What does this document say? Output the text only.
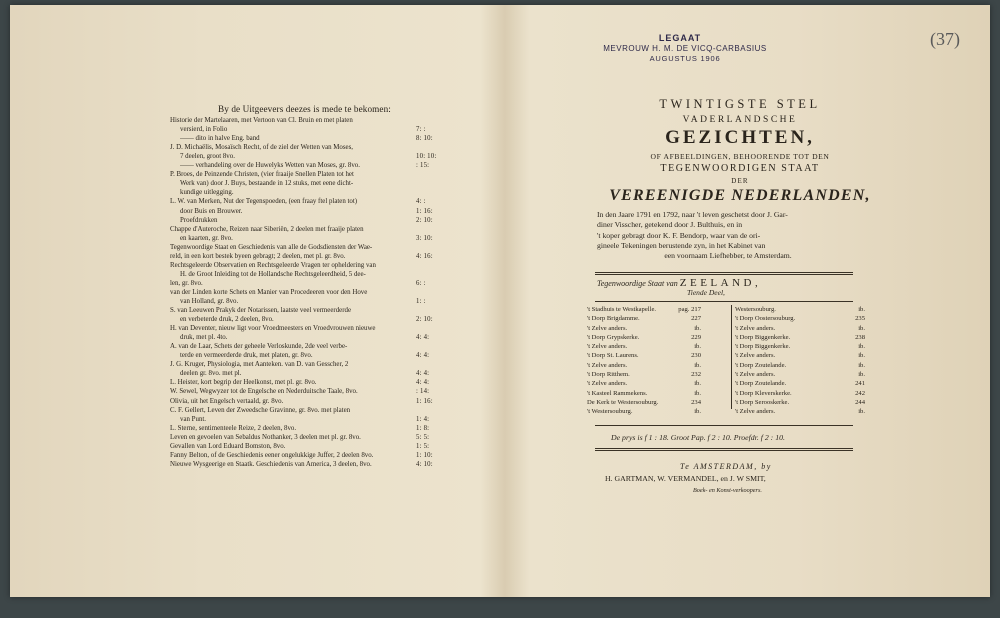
By de Uitgeevers deezes is mede te bekomen:
Historie der Martelaaren, met Vertoon van Cl. Bruin en met platen
versierd, in Folio	7: :
—— dito in halve Eng. band	8: 10:
J. D. Michaëlis, Mosaïsch Recht, of de ziel der Wetten van Moses,
7 deelen, groot 8vo.	10: 10:
—— verhandeling over de Huwelyks Wetten van Moses, gr. 8vo.	: 15:
P. Broes, de Peinzende Christen, (vier fraaije Snellen Platen tot het
Werk van) door J. Buys, bestaande in 12 stuks, met eene dicht-
kundige uitlegging.
L. W. van Merken, Nut der Tegenspoeden, (een fraay ftel platen tot)	4: :
door Buis en Brouwer.	1: 16:
Proefdrukken	2: 10:
Chappe d'Auteroche, Reizen naar Siberiën, 2 deelen met fraaije platen
en kaarten, gr. 8vo.	3: 10:
Tegenwoordige Staat en Geschiedenis van alle de Godsdiensten der Wae-
reld, in een kort bestek byeen gebragt; 2 deelen, met pl. gr. 8vo.	4: 16:
Rechtsgeleerde Observatien en Rechtsgeleerde Vragen ter opheldering van
H. de Groot Inleiding tot de Hollandsche Rechtsgeleerdheid, 5 dee-
len, gr. 8vo.	6: :
van der Linden korte Schets en Manier van Procedeeren voor den Hove
van Holland, gr. 8vo.	1: :
S. van Leeuwen Prakyk der Notarissen, laatste veel vermeerderde
en verbeterde druk, 2 deelen, 8vo.	2: 10:
H. van Deventer, nieuw ligt voor Vroedmeesters en Vroedvrouwen nieuwe
druk, met pl. 4to.	4: 4:
A. van de Laar, Schets der geheele Verloskunde, 2de veel verbe-
terde en vermeerderde druk, met platen, gr. 8vo.	4: 4:
J. G. Kruger, Physiologia, met Aanteken. van D. van Gesscher, 2
deelen gr. 8vo. met pl.	4: 4:
L. Heister, kort begrip der Heelkonst, met pl. gr. 8vo.	4: 4:
W. Sewel, Wegwyzer tot de Engelsche en Nederduitsche Taale, 8vo.	: 14:
Olivia, uit het Engelsch vertaald, gr. 8vo.	1: 16:
C. F. Gellert, Leven der Zweedsche Gravinne, gr. 8vo. met platen
van Punt.	1: 4:
L. Sterne, sentimenteele Reize, 2 deelen, 8vo.	1: 8:
Leven en gevoelen van Sebaldus Nothanker, 3 deelen met pl. gr. 8vo.	5: 5:
Gevallen van Lord Eduard Bomston, 8vo.	1: 5:
Fanny Belton, of de Geschiedenis eener ongelukkige Juffer, 2 deelen 8vo.	1: 10:
Nieuwe Wysgeerige en Staatk. Geschiedenis van America, 3 deelen, 8vo.	4: 10:
LEGAAT
MEVROUW H. M. DE VICQ-CARBASIUS
AUGUSTUS 1906
(37)
TWINTIGSTE STEL
VADERLANDSCHE
GEZICHTEN,
OF AFBEELDINGEN, BEHOORENDE TOT DEN
TEGENWOORDIGEN STAAT
DER
VEREENIGDE NEDERLANDEN,
In den Jaare 1791 en 1792, naar 't leven geschetst door J. Gar-
diner Visscher, getekend door J. Bulthuis, en in
't koper gebragt door K. F. Bendorp, waar van de ori-
gineele Tekeningen berustende zyn, in het Kabinet van
een voornaam Liefhebber, te Amsterdam.
Tegenwoordige Staat van ZEELAND,
Tiende Deel,
't Stadhuis te Westkapelle.	pag. 217
't Dorp Brigdamme.	227
't Zelve anders.	ib.
't Dorp Grypskerke.	229
't Zelve anders.	ib.
't Dorp St. Laurens.	230
't Zelve anders.	ib.
't Dorp Ritthem.	232
't Zelve anders.	ib.
't Kasteel Rammekens.	ib.
De Kerk te Westersouburg.	234
't Westersouburg.	ib.
Westersouburg.	ib.
't Dorp Oostersouburg.	235
't Zelve anders.	ib.
't Dorp Biggenkerke.	238
't Dorp Biggenkerke.	ib.
't Zelve anders.	ib.
't Dorp Zoutelande.	ib.
't Zelve anders.	ib.
't Dorp Zoutelande.	241
't Dorp Kleverskerke.	242
't Dorp Serooskerke.	244
't Zelve anders.	ib.
De prys is f 1 : 18. Groot Pap. f 2 : 10. Proefdr. f 2 : 10.
Te AMSTERDAM, by
H. GARTMAN, W. VERMANDEL, en J. W SMIT,
Boek- en Konst-verkoopers.
